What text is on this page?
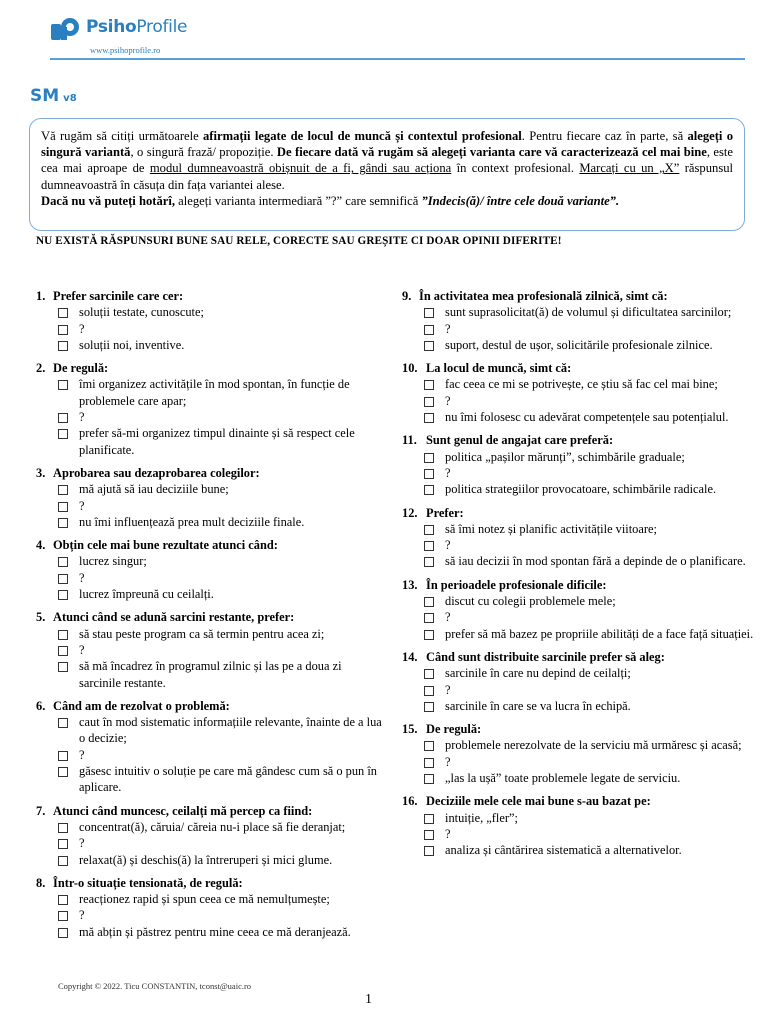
PsihoProfile
www.psihoprofile.ro
SM v8

Vă rugăm să citiți următoarele afirmații legate de locul de muncă și contextul profesional. Pentru fiecare caz în parte, să alegeți o singură variantă, o singură frază/ propoziție. De fiecare dată vă rugăm să alegeți varianta care vă caracterizează cel mai bine, este cea mai aproape de modul dumneavoastră obișnuit de a fi, gândi sau acționa în context profesional. Marcați cu un „X” răspunsul dumneavoastră în căsuța din fața variantei alese.
Dacă nu vă puteți hotărî, alegeți varianta intermediară ”?” care semnifică ”Indecis(ă)/ între cele două variante”.

NU EXISTĂ RĂSPUNSURI BUNE SAU RELE, CORECTE SAU GREȘITE CI DOAR OPINII DIFERITE!
1. Prefer sarcinile care cer:
soluții testate, cunoscute;
?
soluții noi, inventive.
2. De regulă:
îmi organizez activitățile în mod spontan, în funcție de problemele care apar;
?
prefer să-mi organizez timpul dinainte și să respect cele planificate.
3. Aprobarea sau dezaprobarea colegilor:
mă ajută să iau deciziile bune;
?
nu îmi influențează prea mult deciziile finale.
4. Obțin cele mai bune rezultate atunci când:
lucrez singur;
?
lucrez împreună cu ceilalți.
5. Atunci când se adună sarcini restante, prefer:
să stau peste program ca să termin pentru acea zi;
?
să mă încadrez în programul zilnic și las pe a doua zi sarcinile restante.
6. Când am de rezolvat o problemă:
caut în mod sistematic informațiile relevante, înainte de a lua o decizie;
?
găsesc intuitiv o soluție pe care mă gândesc cum să o pun în aplicare.
7. Atunci când muncesc, ceilalți mă percep ca fiind:
concentrat(ă), căruia/ căreia nu-i place să fie deranjat;
?
relaxat(ă) și deschis(ă) la întreruperi și mici glume.
8. Într-o situație tensionată, de regulă:
reacționez rapid și spun ceea ce mă nemulțumește;
?
mă abțin și păstrez pentru mine ceea ce mă deranjează.
9. În activitatea mea profesională zilnică, simt că:
sunt suprasolicitat(ă) de volumul și dificultatea sarcinilor;
?
suport, destul de ușor, solicitările profesionale zilnice.
10. La locul de muncă, simt că:
fac ceea ce mi se potrivește, ce știu să fac cel mai bine;
?
nu îmi folosesc cu adevărat competențele sau potențialul.
11. Sunt genul de angajat care preferă:
politica „pașilor mărunți”, schimbările graduale;
?
politica strategiilor provocatoare, schimbările radicale.
12. Prefer:
să îmi notez și planific activitățile viitoare;
?
să iau decizii în mod spontan fără a depinde de o planificare.
13. În perioadele profesionale dificile:
discut cu colegii problemele mele;
?
prefer să mă bazez pe propriile abilități de a face față situației.
14. Când sunt distribuite sarcinile prefer să aleg:
sarcinile în care nu depind de ceilalți;
?
sarcinile în care se va lucra în echipă.
15. De regulă:
problemele nerezolvate de la serviciu mă urmăresc și acasă;
?
„las la ușă” toate problemele legate de serviciu.
16. Deciziile mele cele mai bune s-au bazat pe:
intuiție, „fler”;
?
analiza și cântărirea sistematică a alternativelor.
Copyright © 2022. Ticu CONSTANTIN, tconst@uaic.ro
1
